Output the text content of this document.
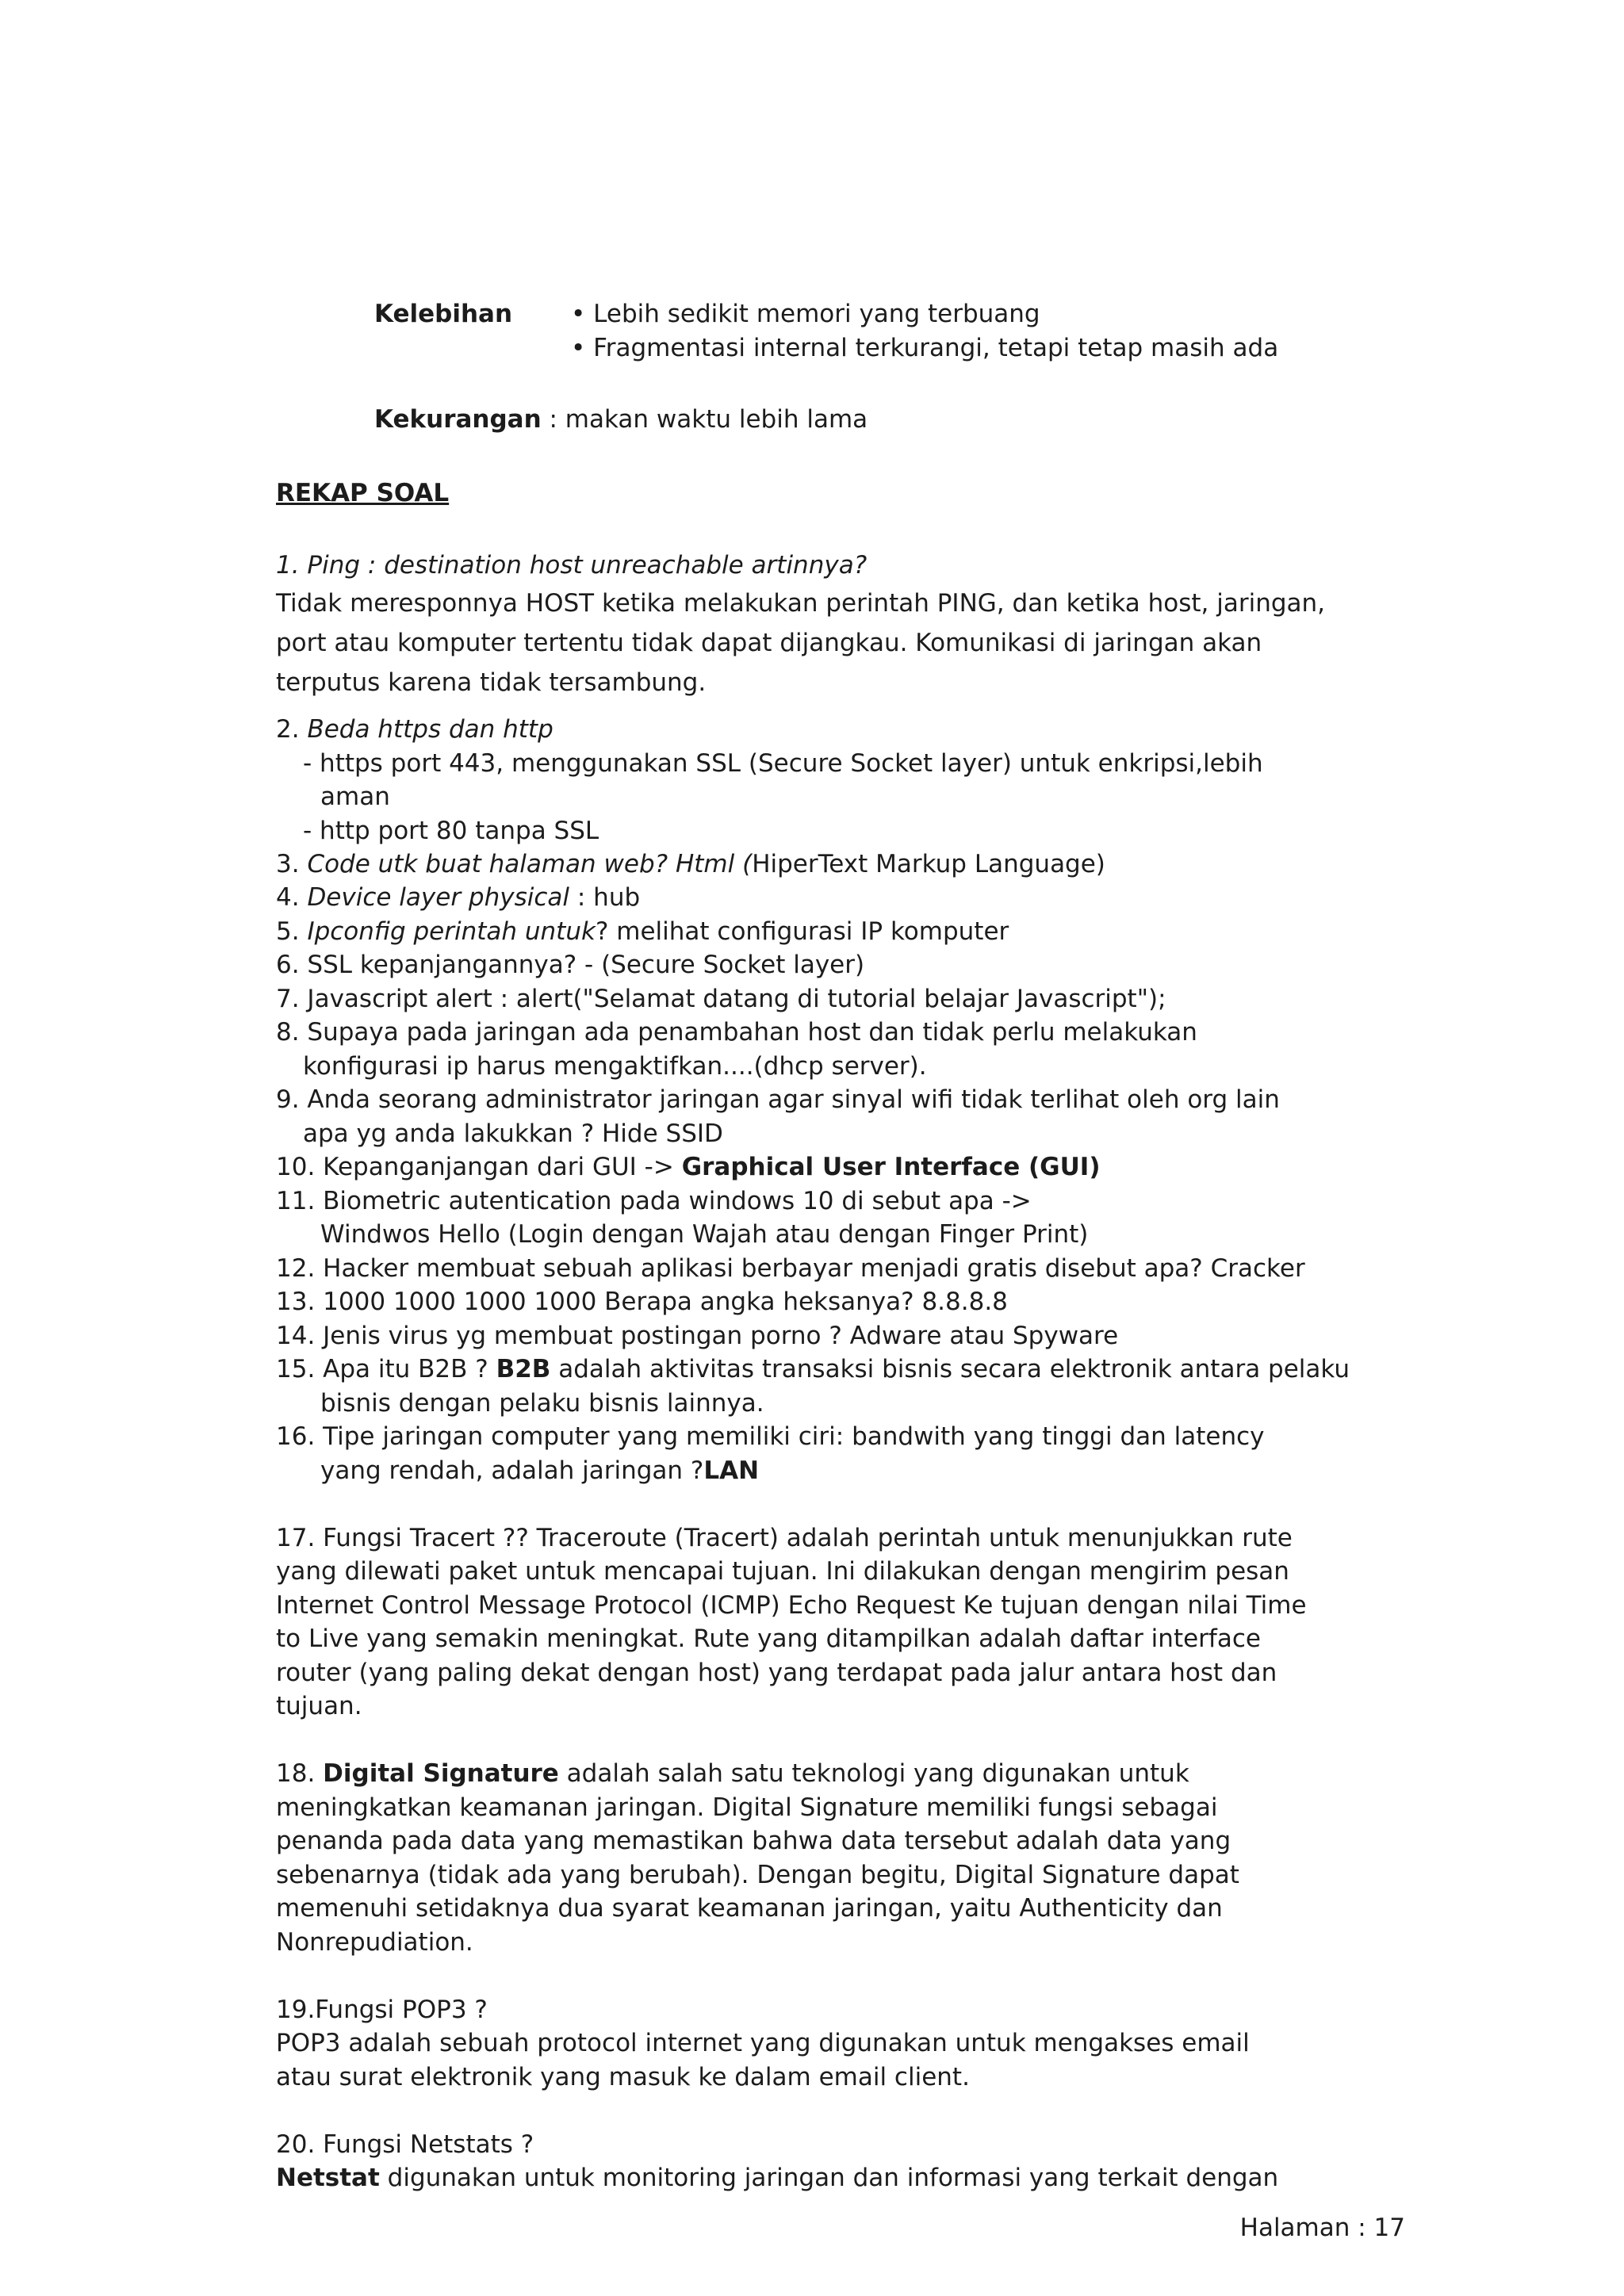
Kelebihan • Lebih sedikit memori yang terbuang
• Fragmentasi internal terkurangi, tetapi tetap masih ada
Kekurangan : makan waktu lebih lama
REKAP SOAL
1. Ping : destination host unreachable artinnya?
Tidak meresponnya HOST ketika melakukan perintah PING, dan ketika host, jaringan,
port atau komputer tertentu tidak dapat dijangkau. Komunikasi di jaringan akan
terputus karena tidak tersambung.
2. Beda https dan http
- https port 443, menggunakan SSL (Secure Socket layer) untuk enkripsi,lebih
aman
- http port 80 tanpa SSL
3. Code utk buat halaman web? Html (HiperText Markup Language)
4. Device layer physical : hub
5. Ipconfig perintah untuk? melihat configurasi IP komputer
6. SSL kepanjangannya? - (Secure Socket layer)
7. Javascript alert : alert("Selamat datang di tutorial belajar Javascript");
8. Supaya pada jaringan ada penambahan host dan tidak perlu melakukan
konfigurasi ip harus mengaktifkan....(dhcp server).
9. Anda seorang administrator jaringan agar sinyal wifi tidak terlihat oleh org lain
apa yg anda lakukkan ? Hide SSID
10. Kepanganjangan dari GUI -> Graphical User Interface (GUI)
11. Biometric autentication pada windows 10 di sebut apa ->
Windwos Hello (Login dengan Wajah atau dengan Finger Print)
12. Hacker membuat sebuah aplikasi berbayar menjadi gratis disebut apa? Cracker
13. 1000 1000 1000 1000 Berapa angka heksanya? 8.8.8.8
14. Jenis virus yg membuat postingan porno ? Adware atau Spyware
15. Apa itu B2B ? B2B adalah aktivitas transaksi bisnis secara elektronik antara pelaku
bisnis dengan pelaku bisnis lainnya.
16. Tipe jaringan computer yang memiliki ciri: bandwith yang tinggi dan latency
yang rendah, adalah jaringan ?LAN
17. Fungsi Tracert ?? Traceroute (Tracert) adalah perintah untuk menunjukkan rute
yang dilewati paket untuk mencapai tujuan. Ini dilakukan dengan mengirim pesan
Internet Control Message Protocol (ICMP) Echo Request Ke tujuan dengan nilai Time
to Live yang semakin meningkat. Rute yang ditampilkan adalah daftar interface
router (yang paling dekat dengan host) yang terdapat pada jalur antara host dan
tujuan.
18. Digital Signature adalah salah satu teknologi yang digunakan untuk
meningkatkan keamanan jaringan. Digital Signature memiliki fungsi sebagai
penanda pada data yang memastikan bahwa data tersebut adalah data yang
sebenarnya (tidak ada yang berubah). Dengan begitu, Digital Signature dapat
memenuhi setidaknya dua syarat keamanan jaringan, yaitu Authenticity dan
Nonrepudiation.
19.Fungsi POP3 ?
POP3 adalah sebuah protocol internet yang digunakan untuk mengakses email
atau surat elektronik yang masuk ke dalam email client.
20. Fungsi Netstats ?
Netstat digunakan untuk monitoring jaringan dan informasi yang terkait dengan
Halaman : 17
